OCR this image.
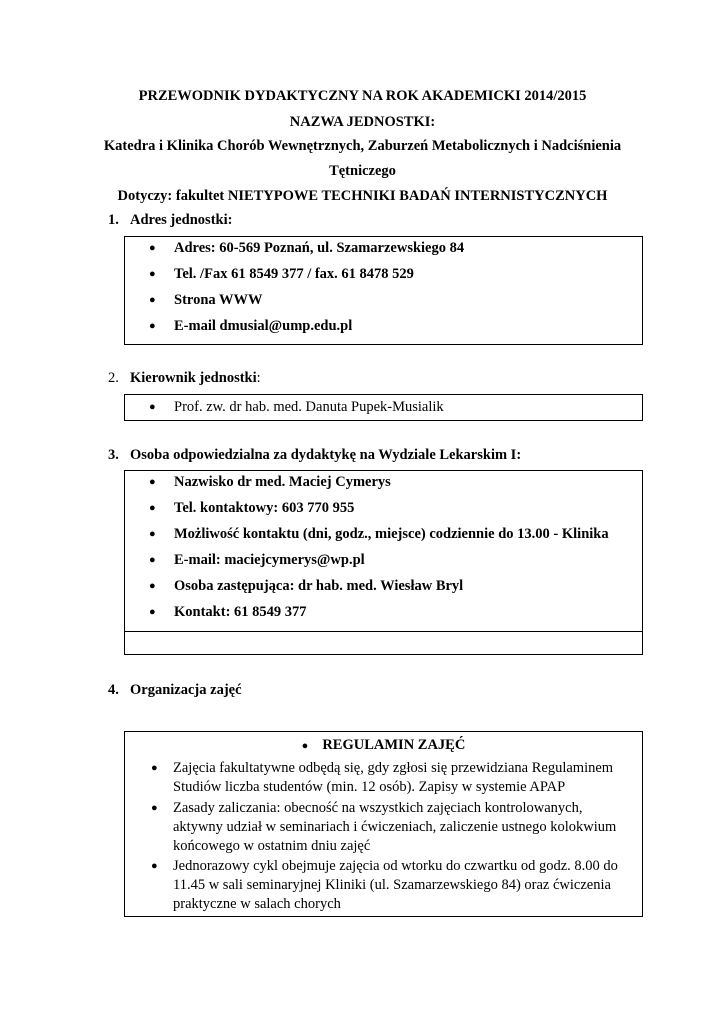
PRZEWODNIK DYDAKTYCZNY NA ROK AKADEMICKI 2014/2015
NAZWA JEDNOSTKI:
Katedra i Klinika Chorób Wewnętrznych, Zaburzeń Metabolicznych i Nadciśnienia
Tętniczego
Dotyczy: fakultet NIETYPOWE TECHNIKI BADAŃ INTERNISTYCZNYCH
1. Adres jednostki:
●	Adres: 60-569 Poznań, ul. Szamarzewskiego 84
●	Tel. /Fax 61 8549 377 / fax. 61 8478 529
●	Strona WWW
●	E-mail dmusial@ump.edu.pl
2. Kierownik jednostki:
●	Prof. zw. dr hab. med. Danuta Pupek-Musialik
3. Osoba odpowiedzialna za dydaktykę na Wydziale Lekarskim I:
●	Nazwisko dr med. Maciej Cymerys
●	Tel. kontaktowy: 603 770 955
●	Możliwość kontaktu (dni, godz., miejsce) codziennie do 13.00 - Klinika
●	E-mail: maciejcymerys@wp.pl
●	Osoba zastępująca: dr hab. med. Wiesław Bryl
●	Kontakt: 61 8549 377
4. Organizacja zajęć
● REGULAMIN ZAJĘĆ
● Zajęcia fakultatywne odbędą się, gdy zgłosi się przewidziana Regulaminem
Studiów liczba studentów (min. 12 osób). Zapisy w systemie APAP
● Zasady zaliczania: obecność na wszystkich zajęciach kontrolowanych,
aktywny udział w seminariach i ćwiczeniach, zaliczenie ustnego kolokwium
końcowego w ostatnim dniu zajęć
● Jednorazowy cykl obejmuje zajęcia od wtorku do czwartku od godz. 8.00 do
11.45 w sali seminaryjnej Kliniki (ul. Szamarzewskiego 84) oraz ćwiczenia
praktyczne w salach chorych
